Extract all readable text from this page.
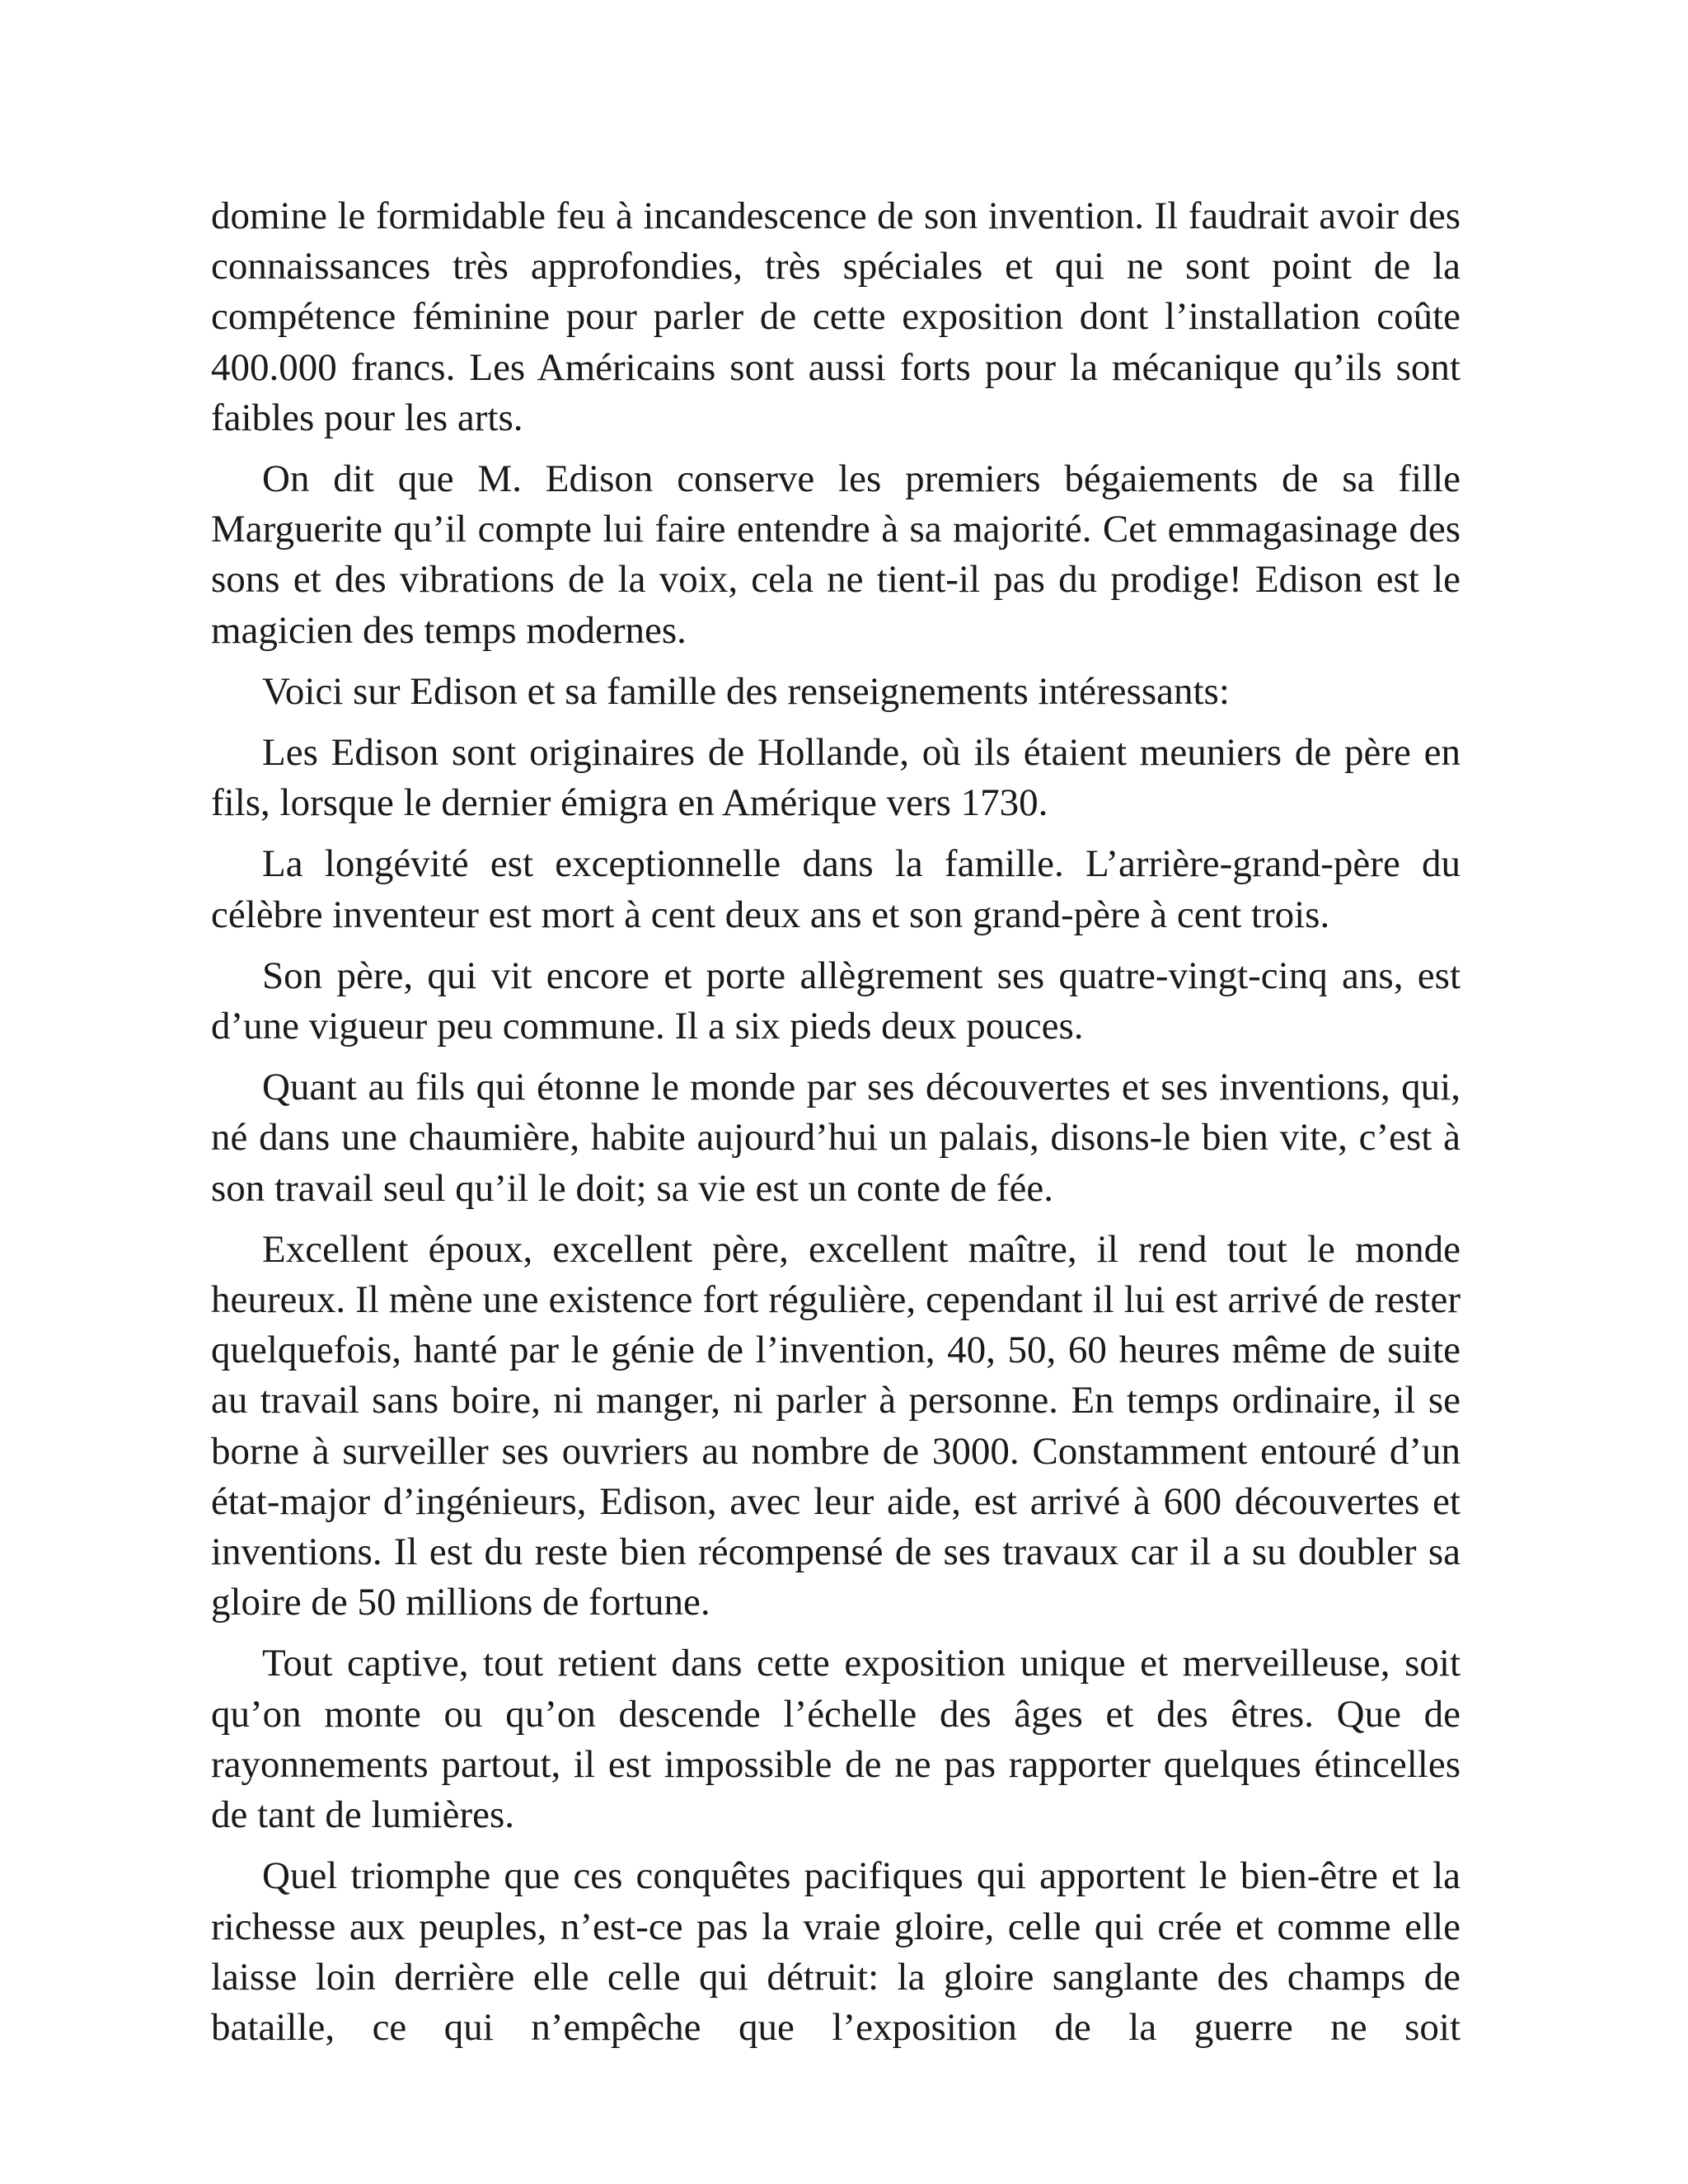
domine le formidable feu à incandescence de son invention. Il faudrait avoir des connaissances très approfondies, très spéciales et qui ne sont point de la compétence féminine pour parler de cette exposition dont l’installation coûte 400.000 francs. Les Américains sont aussi forts pour la mécanique qu’ils sont faibles pour les arts.

On dit que M. Edison conserve les premiers bégaiements de sa fille Marguerite qu’il compte lui faire entendre à sa majorité. Cet emmagasinage des sons et des vibrations de la voix, cela ne tient-il pas du prodige! Edison est le magicien des temps modernes.

Voici sur Edison et sa famille des renseignements intéressants:

Les Edison sont originaires de Hollande, où ils étaient meuniers de père en fils, lorsque le dernier émigra en Amérique vers 1730.

La longévité est exceptionnelle dans la famille. L’arrière-grand-père du célèbre inventeur est mort à cent deux ans et son grand-père à cent trois.

Son père, qui vit encore et porte allègrement ses quatre-vingt-cinq ans, est d’une vigueur peu commune. Il a six pieds deux pouces.

Quant au fils qui étonne le monde par ses découvertes et ses inventions, qui, né dans une chaumière, habite aujourd’hui un palais, disons-le bien vite, c’est à son travail seul qu’il le doit; sa vie est un conte de fée.

Excellent époux, excellent père, excellent maître, il rend tout le monde heureux. Il mène une existence fort régulière, cependant il lui est arrivé de rester quelquefois, hanté par le génie de l’invention, 40, 50, 60 heures même de suite au travail sans boire, ni manger, ni parler à personne. En temps ordinaire, il se borne à surveiller ses ouvriers au nombre de 3000. Constamment entouré d’un état-major d’ingénieurs, Edison, avec leur aide, est arrivé à 600 découvertes et inventions. Il est du reste bien récompensé de ses travaux car il a su doubler sa gloire de 50 millions de fortune.

Tout captive, tout retient dans cette exposition unique et merveilleuse, soit qu’on monte ou qu’on descende l’échelle des âges et des êtres. Que de rayonnements partout, il est impossible de ne pas rapporter quelques étincelles de tant de lumières.

Quel triomphe que ces conquêtes pacifiques qui apportent le bien-être et la richesse aux peuples, n’est-ce pas la vraie gloire, celle qui crée et comme elle laisse loin derrière elle celle qui détruit: la gloire sanglante des champs de bataille, ce qui n’empêche que l’exposition de la guerre ne soit
